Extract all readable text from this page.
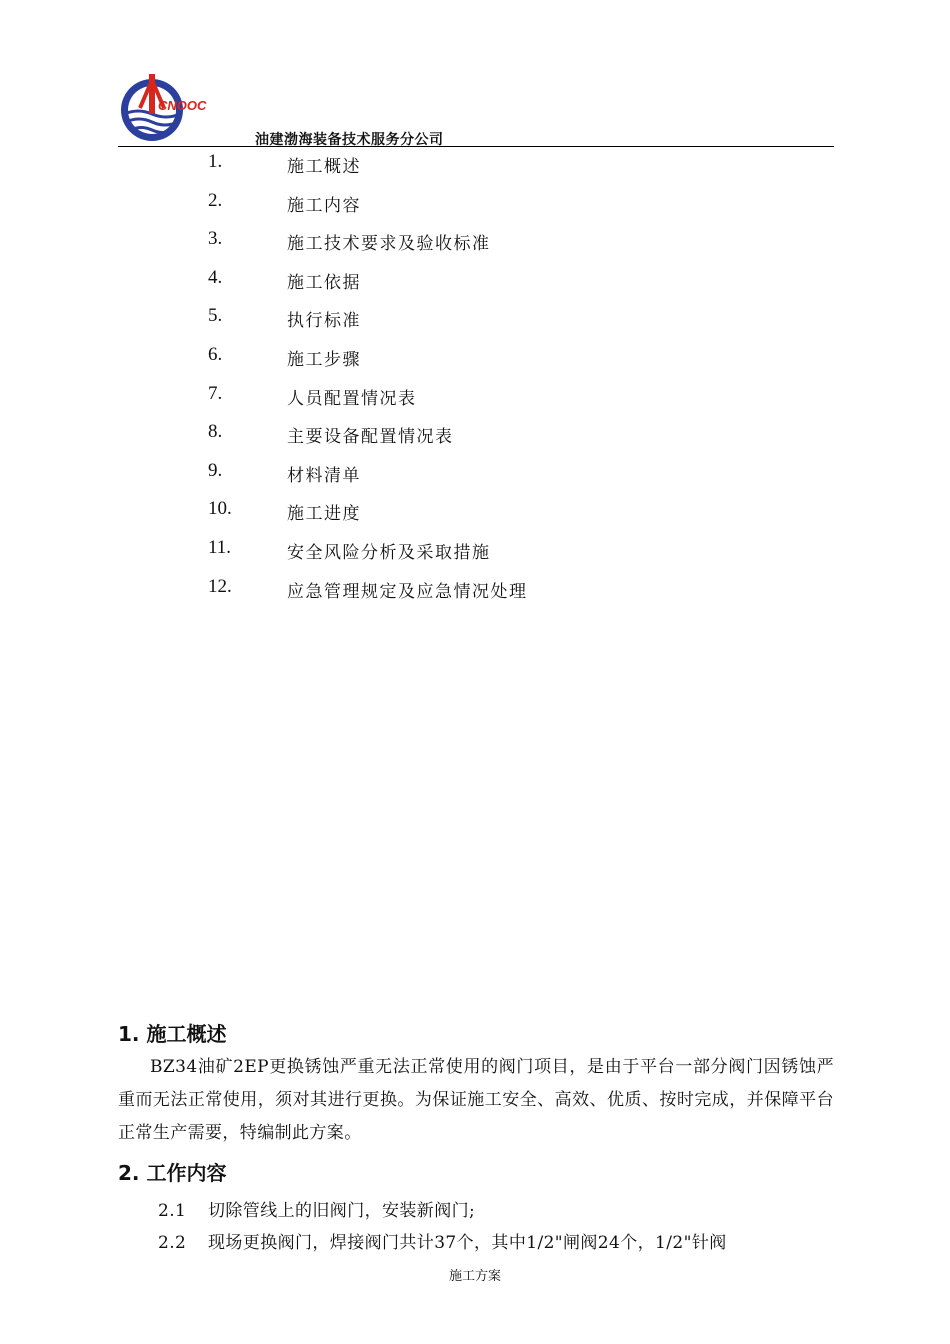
CNOOC
油建渤海装备技术服务分公司
1.	施工概述
2.	施工内容
3.	施工技术要求及验收标准
4.	施工依据
5.	执行标准
6.	施工步骤
7.	人员配置情况表
8.	主要设备配置情况表
9.	材料清单
10.	施工进度
11.	安全风险分析及采取措施
12.	应急管理规定及应急情况处理
1. 施工概述
BZ34油矿2EP更换锈蚀严重无法正常使用的阀门项目，是由于平台一部分阀门因锈蚀严重而无法正常使用，须对其进行更换。为保证施工安全、高效、优质、按时完成，并保障平台正常生产需要，特编制此方案。
2. 工作内容
2.1 切除管线上的旧阀门，安装新阀门;
2.2 现场更换阀门，焊接阀门共计37个，其中1/2"闸阀24个，1/2"针阀
施工方案
